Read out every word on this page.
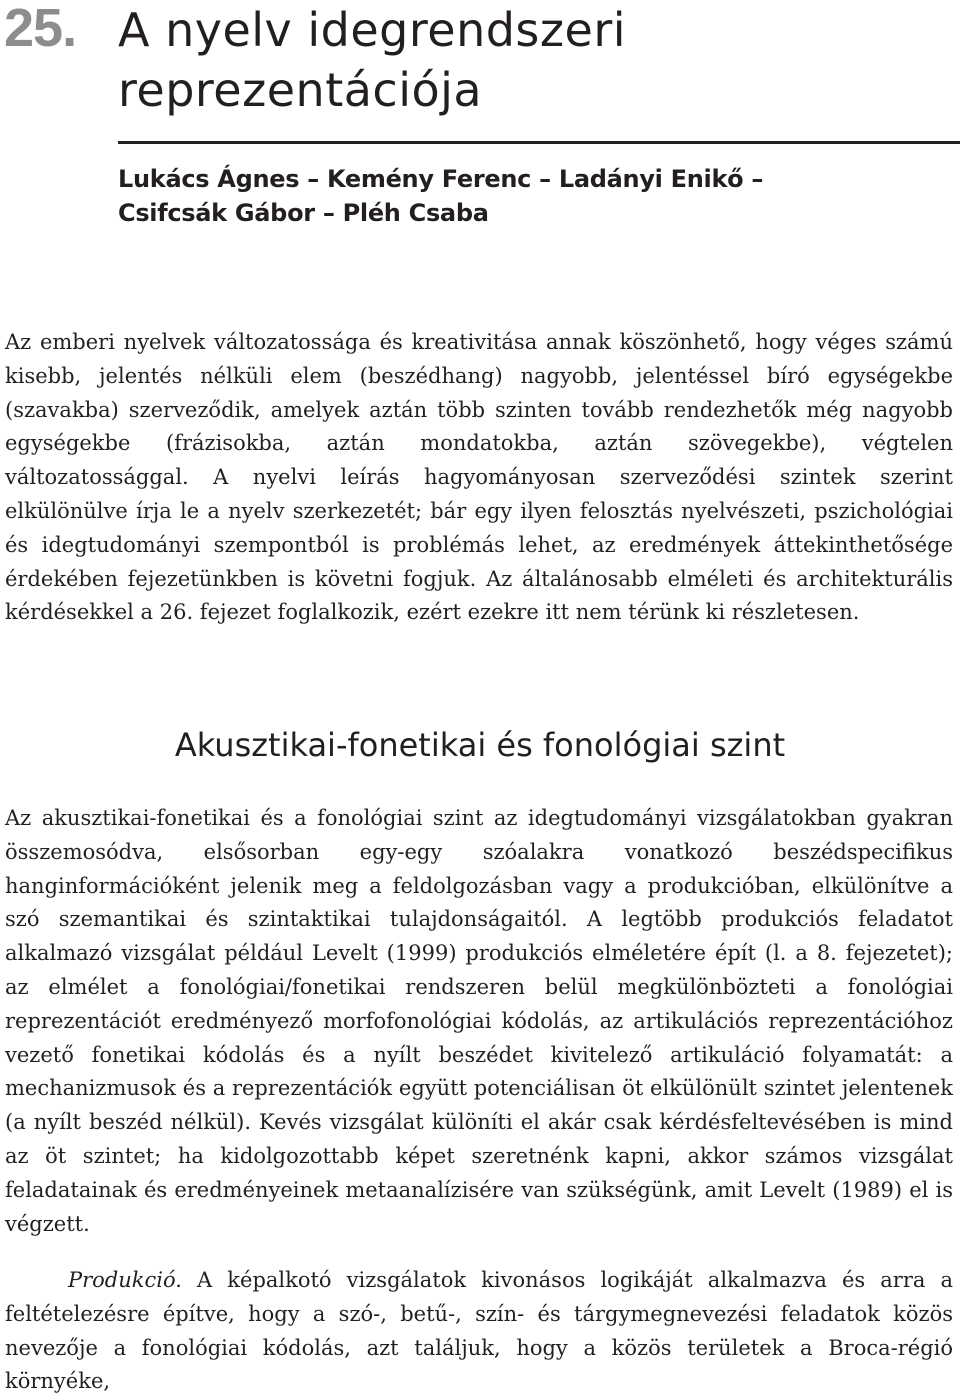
25. A nyelv idegrendszeri reprezentációja
Lukács Ágnes – Kemény Ferenc – Ladányi Enikő – Csifcsák Gábor – Pléh Csaba

Az emberi nyelvek változatossága és kreativitása annak köszönhető, hogy véges számú kisebb, jelentés nélküli elem (beszédhang) nagyobb, jelentéssel bíró egységekbe (szavakba) szerveződik, amelyek aztán több szinten tovább rendezhetők még nagyobb egységekbe (frázisokba, aztán mondatokba, aztán szövegekbe), végtelen változatossággal. A nyelvi leírás hagyományosan szerveződési szintek szerint elkülönülve írja le a nyelv szerkezetét; bár egy ilyen felosztás nyelvészeti, pszichológiai és idegtudományi szempontból is problémás lehet, az eredmények áttekinthetősége érdekében fejezetünkben is követni fogjuk. Az általánosabb elméleti és architekturális kérdésekkel a 26. fejezet foglalkozik, ezért ezekre itt nem térünk ki részletesen.

Akusztikai-fonetikai és fonológiai szint

Az akusztikai-fonetikai és a fonológiai szint az idegtudományi vizsgálatokban gyakran összemosódva, elsősorban egy-egy szóalakra vonatkozó beszédspecifikus hanginformációként jelenik meg a feldolgozásban vagy a produkcióban, elkülönítve a szó szemantikai és szintaktikai tulajdonságaitól. A legtöbb produkciós feladatot alkalmazó vizsgálat például Levelt (1999) produkciós elméletére épít (l. a 8. fejezetet); az elmélet a fonológiai/fonetikai rendszeren belül megkülönbözteti a fonológiai reprezentációt eredményező morfofonológiai kódolás, az artikulációs reprezentációhoz vezető fonetikai kódolás és a nyílt beszédet kivitelező artikuláció folyamatát: a mechanizmusok és a reprezentációk együtt potenciálisan öt elkülönült szintet jelentenek (a nyílt beszéd nélkül). Kevés vizsgálat különíti el akár csak kérdésfeltevésében is mind az öt szintet; ha kidolgozottabb képet szeretnénk kapni, akkor számos vizsgálat feladatainak és eredményeinek metaanalízisére van szükségünk, amit Levelt (1989) el is végzett.

Produkció. A képalkotó vizsgálatok kivonásos logikáját alkalmazva és arra a feltételezésre építve, hogy a szó-, betű-, szín- és tárgymegnevezési feladatok közös nevezője a fonológiai kódolás, azt találjuk, hogy a közös területek a Broca-régió környéke,
